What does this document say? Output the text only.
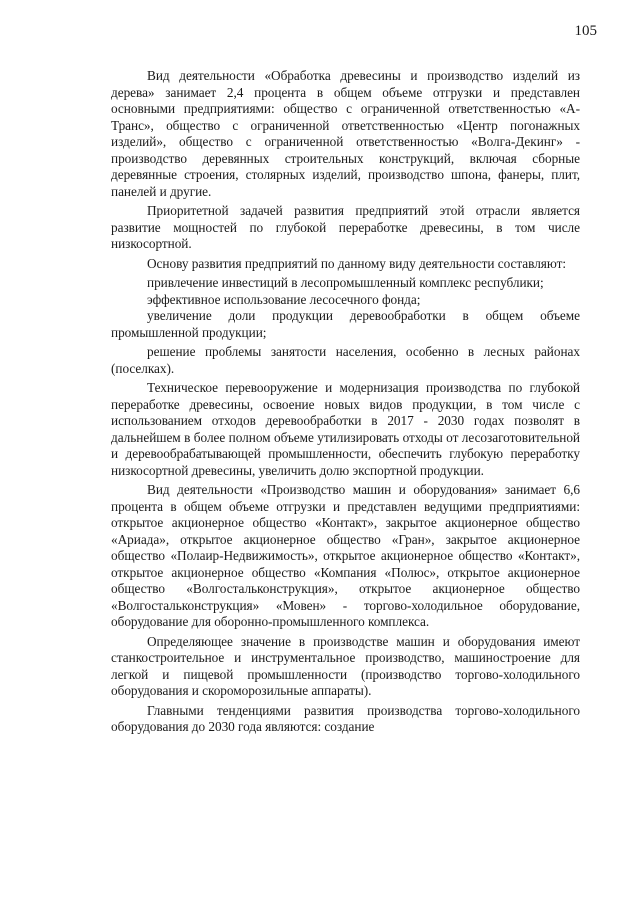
105

Вид деятельности «Обработка древесины и производство изделий из дерева» занимает 2,4 процента в общем объеме отгрузки и представлен основными предприятиями: общество с ограниченной ответственностью «А-Транс», общество с ограниченной ответственностью «Центр погонажных изделий», общество с ограниченной ответственностью «Волга-Декинг» - производство деревянных строительных конструкций, включая сборные деревянные строения, столярных изделий, производство шпона, фанеры, плит, панелей и другие.

Приоритетной задачей развития предприятий этой отрасли является развитие мощностей по глубокой переработке древесины, в том числе низкосортной.

Основу развития предприятий по данному виду деятельности составляют:

привлечение инвестиций в лесопромышленный комплекс республики;

эффективное использование лесосечного фонда;

увеличение доли продукции деревообработки в общем объеме промышленной продукции;

решение проблемы занятости населения, особенно в лесных районах (поселках).

Техническое перевооружение и модернизация производства по глубокой переработке древесины, освоение новых видов продукции, в том числе с использованием отходов деревообработки в 2017 - 2030 годах позволят в дальнейшем в более полном объеме утилизировать отходы от лесозаготовительной и деревообрабатывающей промышленности, обеспечить глубокую переработку низкосортной древесины, увеличить долю экспортной продукции.

Вид деятельности «Производство машин и оборудования» занимает 6,6 процента в общем объеме отгрузки и представлен ведущими предприятиями: открытое акционерное общество «Контакт», закрытое акционерное общество «Ариада», открытое акционерное общество «Гран», закрытое акционерное общество «Полаир-Недвижимость», открытое акционерное общество «Контакт», открытое акционерное общество «Компания «Полюс», открытое акционерное общество «Волгостальконструкция», открытое акционерное общество «Волгостальконструкция» «Мовен» - торгово-холодильное оборудование, оборудование для оборонно-промышленного комплекса.

Определяющее значение в производстве машин и оборудования имеют станкостроительное и инструментальное производство, машиностроение для легкой и пищевой промышленности (производство торгово-холодильного оборудования и скороморозильные аппараты).

Главными тенденциями развития производства торгово-холодильного оборудования до 2030 года являются: создание
